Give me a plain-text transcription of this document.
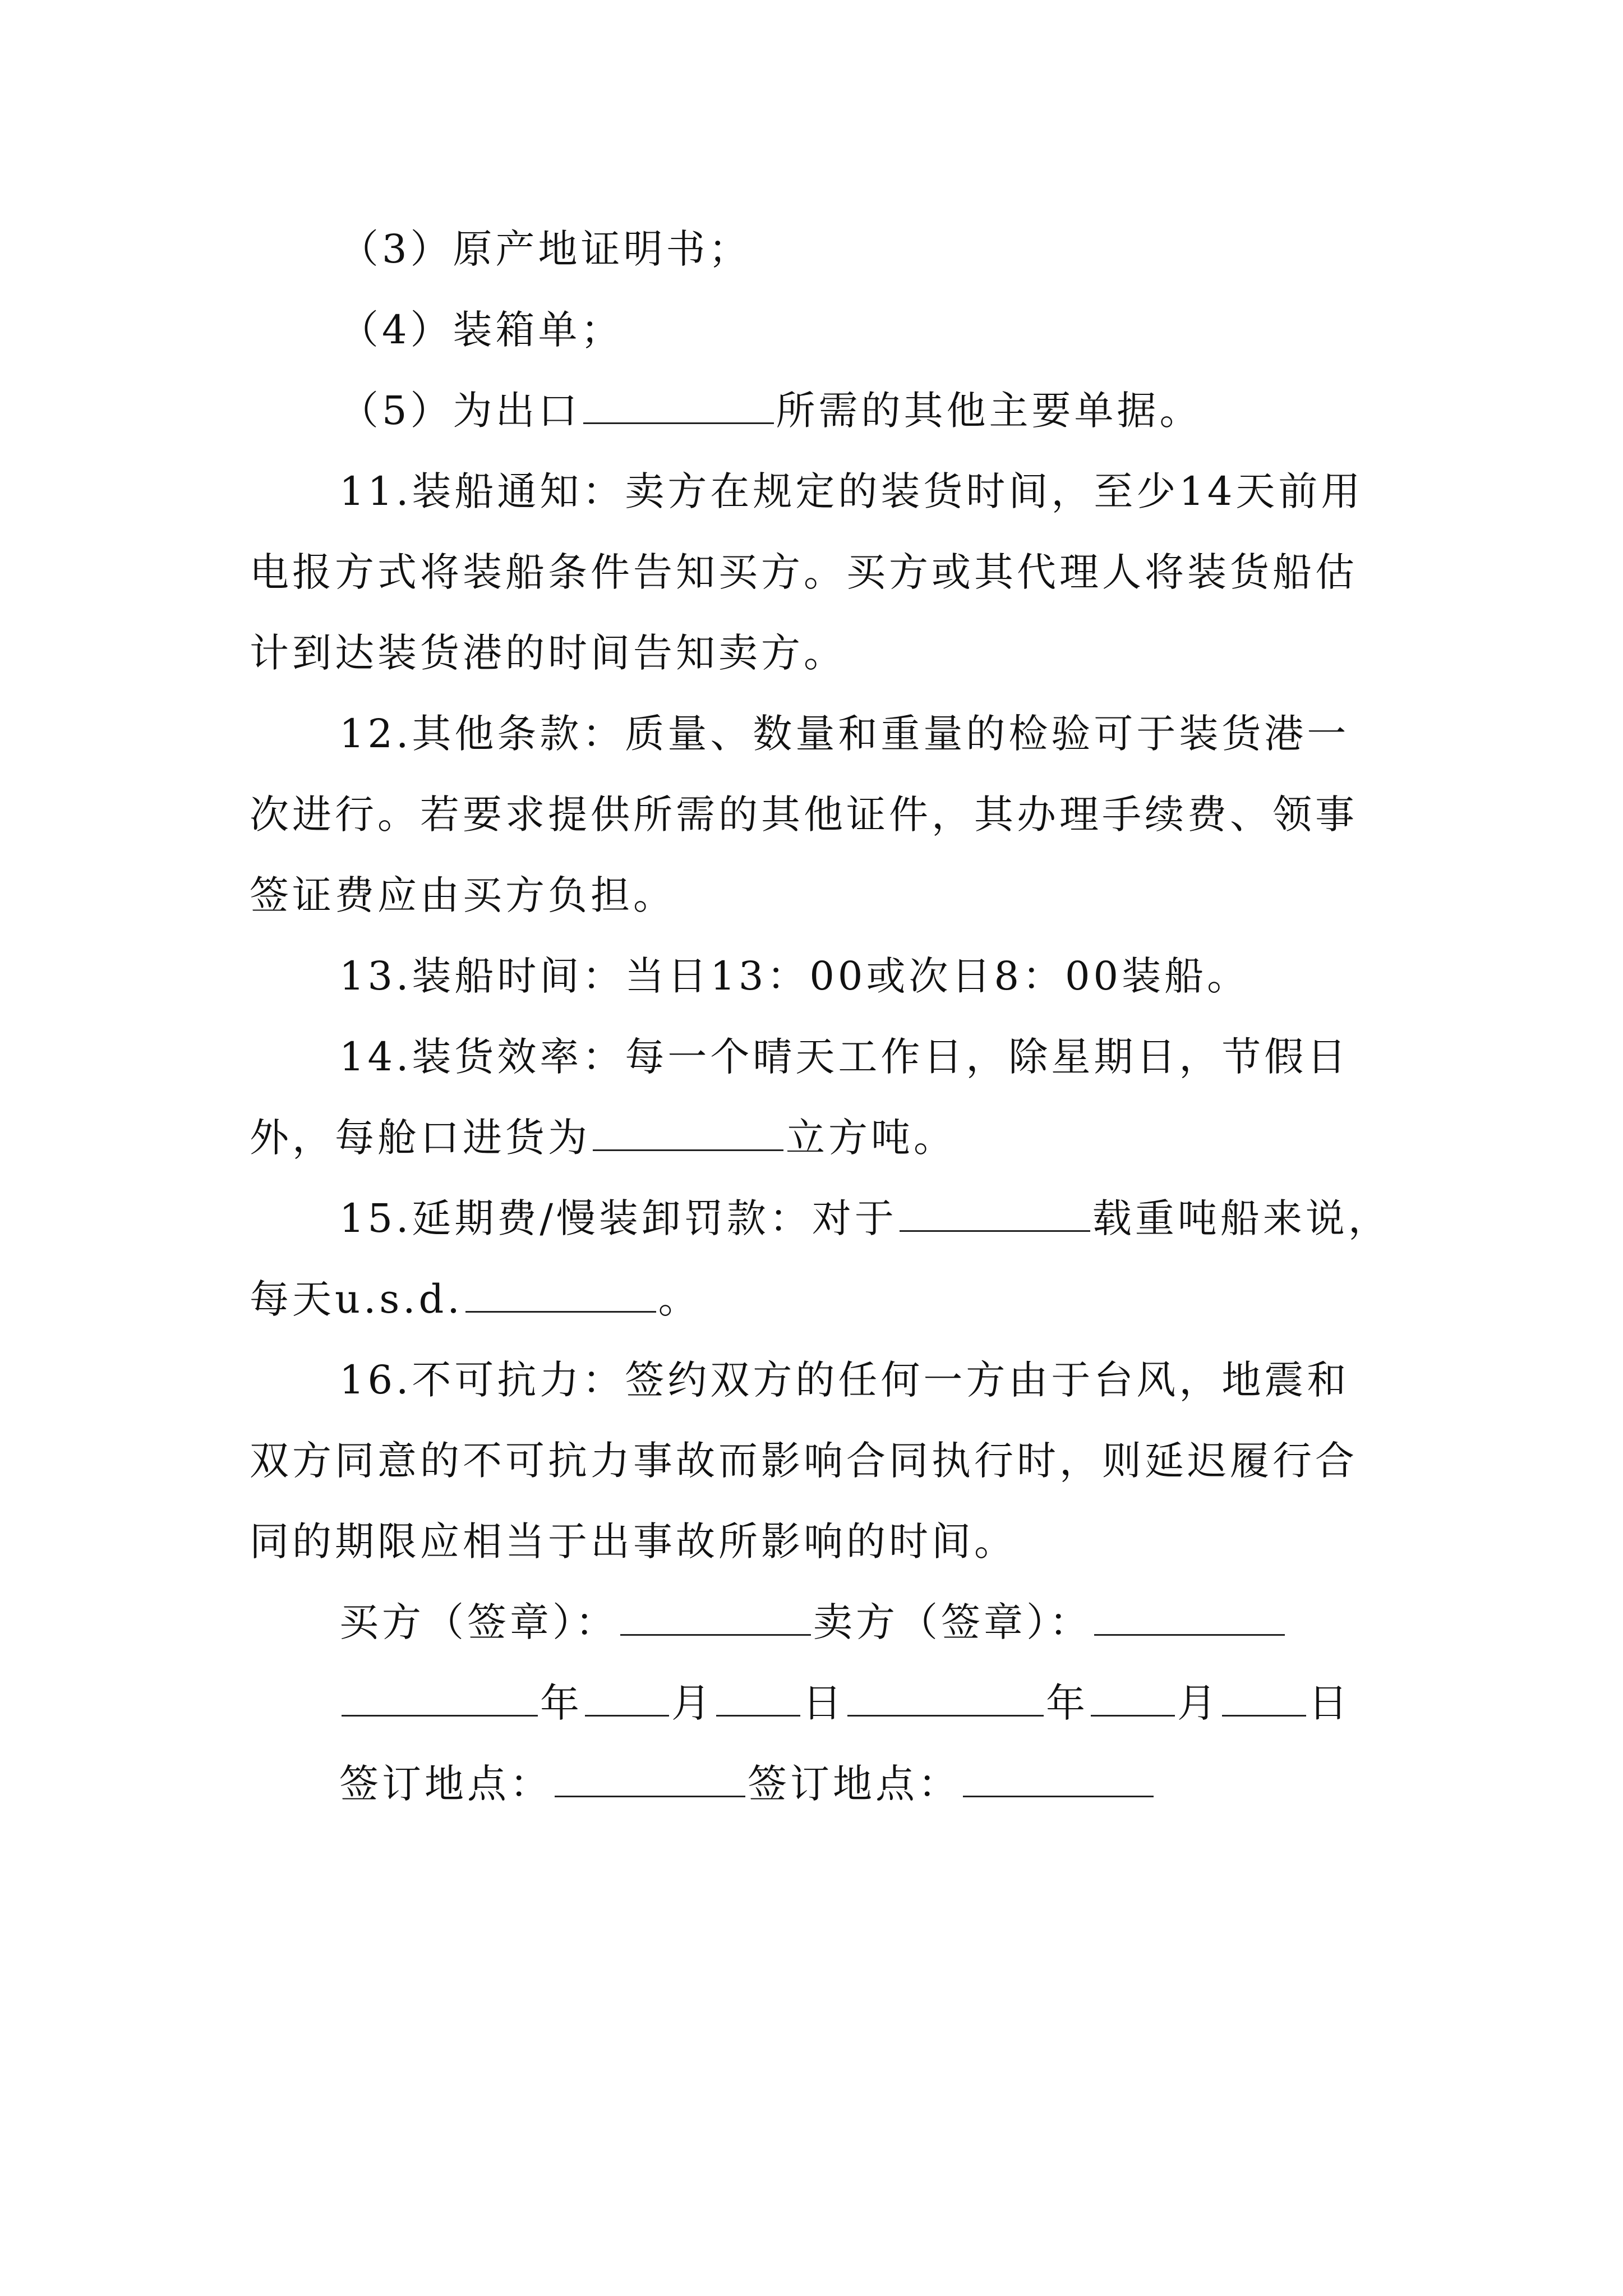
（3）原产地证明书；
（4）装箱单；
（5）为出口	所需的其他主要单据。
11.装船通知：卖方在规定的装货时间，至少14天前用
电报方式将装船条件告知买方。买方或其代理人将装货船估
计到达装货港的时间告知卖方。
12.其他条款：质量、数量和重量的检验可于装货港一
次进行。若要求提供所需的其他证件，其办理手续费、领事
签证费应由买方负担。
13.装船时间：当日13：00或次日8：00装船。
14.装货效率：每一个晴天工作日，除星期日，节假日
外，每舱口进货为	立方吨。
15.延期费/慢装卸罚款：对于	载重吨船来说，
每天u.s.d.	。
16.不可抗力：签约双方的任何一方由于台风，地震和
双方同意的不可抗力事故而影响合同执行时，则延迟履行合
同的期限应相当于出事故所影响的时间。
买方（签章）：	卖方（签章）：
年 月 日	年 月 日
签订地点：	签订地点：
